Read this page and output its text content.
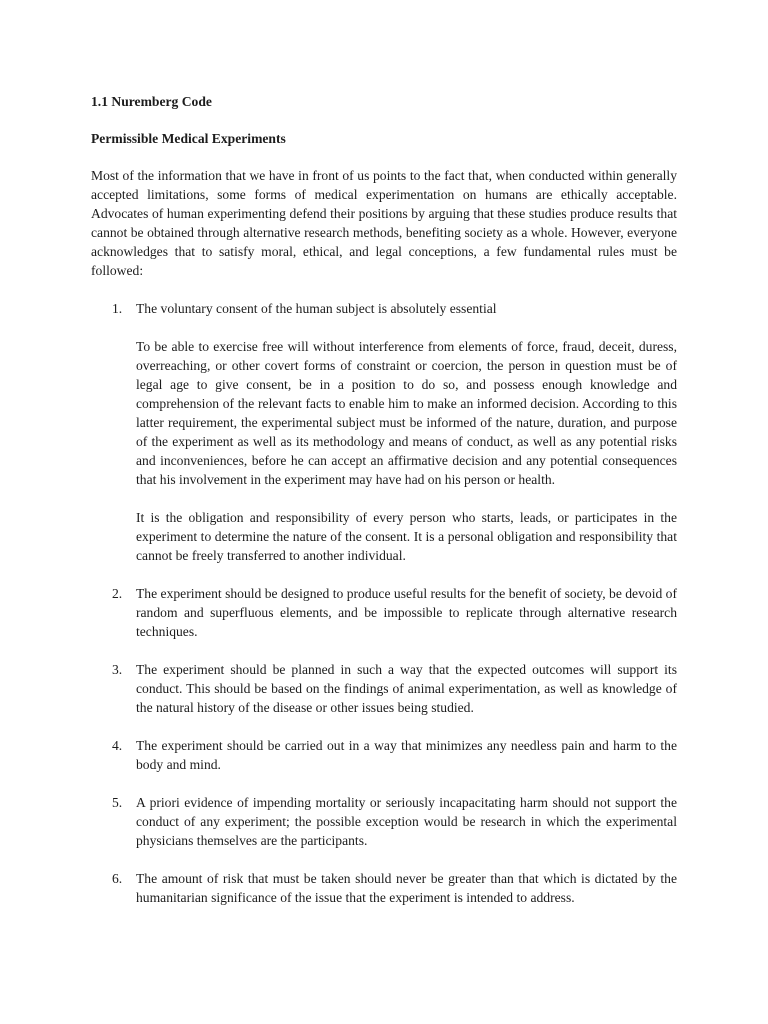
1.1 Nuremberg Code

Permissible Medical Experiments

Most of the information that we have in front of us points to the fact that, when conducted within generally accepted limitations, some forms of medical experimentation on humans are ethically acceptable. Advocates of human experimenting defend their positions by arguing that these studies produce results that cannot be obtained through alternative research methods, benefiting society as a whole. However, everyone acknowledges that to satisfy moral, ethical, and legal conceptions, a few fundamental rules must be followed:

1. The voluntary consent of the human subject is absolutely essential
To be able to exercise free will without interference from elements of force, fraud, deceit, duress, overreaching, or other covert forms of constraint or coercion, the person in question must be of legal age to give consent, be in a position to do so, and possess enough knowledge and comprehension of the relevant facts to enable him to make an informed decision. According to this latter requirement, the experimental subject must be informed of the nature, duration, and purpose of the experiment as well as its methodology and means of conduct, as well as any potential risks and inconveniences, before he can accept an affirmative decision and any potential consequences that his involvement in the experiment may have had on his person or health.
It is the obligation and responsibility of every person who starts, leads, or participates in the experiment to determine the nature of the consent. It is a personal obligation and responsibility that cannot be freely transferred to another individual.
2. The experiment should be designed to produce useful results for the benefit of society, be devoid of random and superfluous elements, and be impossible to replicate through alternative research techniques.
3. The experiment should be planned in such a way that the expected outcomes will support its conduct. This should be based on the findings of animal experimentation, as well as knowledge of the natural history of the disease or other issues being studied.
4. The experiment should be carried out in a way that minimizes any needless pain and harm to the body and mind.
5. A priori evidence of impending mortality or seriously incapacitating harm should not support the conduct of any experiment; the possible exception would be research in which the experimental physicians themselves are the participants.
6. The amount of risk that must be taken should never be greater than that which is dictated by the humanitarian significance of the issue that the experiment is intended to address.
